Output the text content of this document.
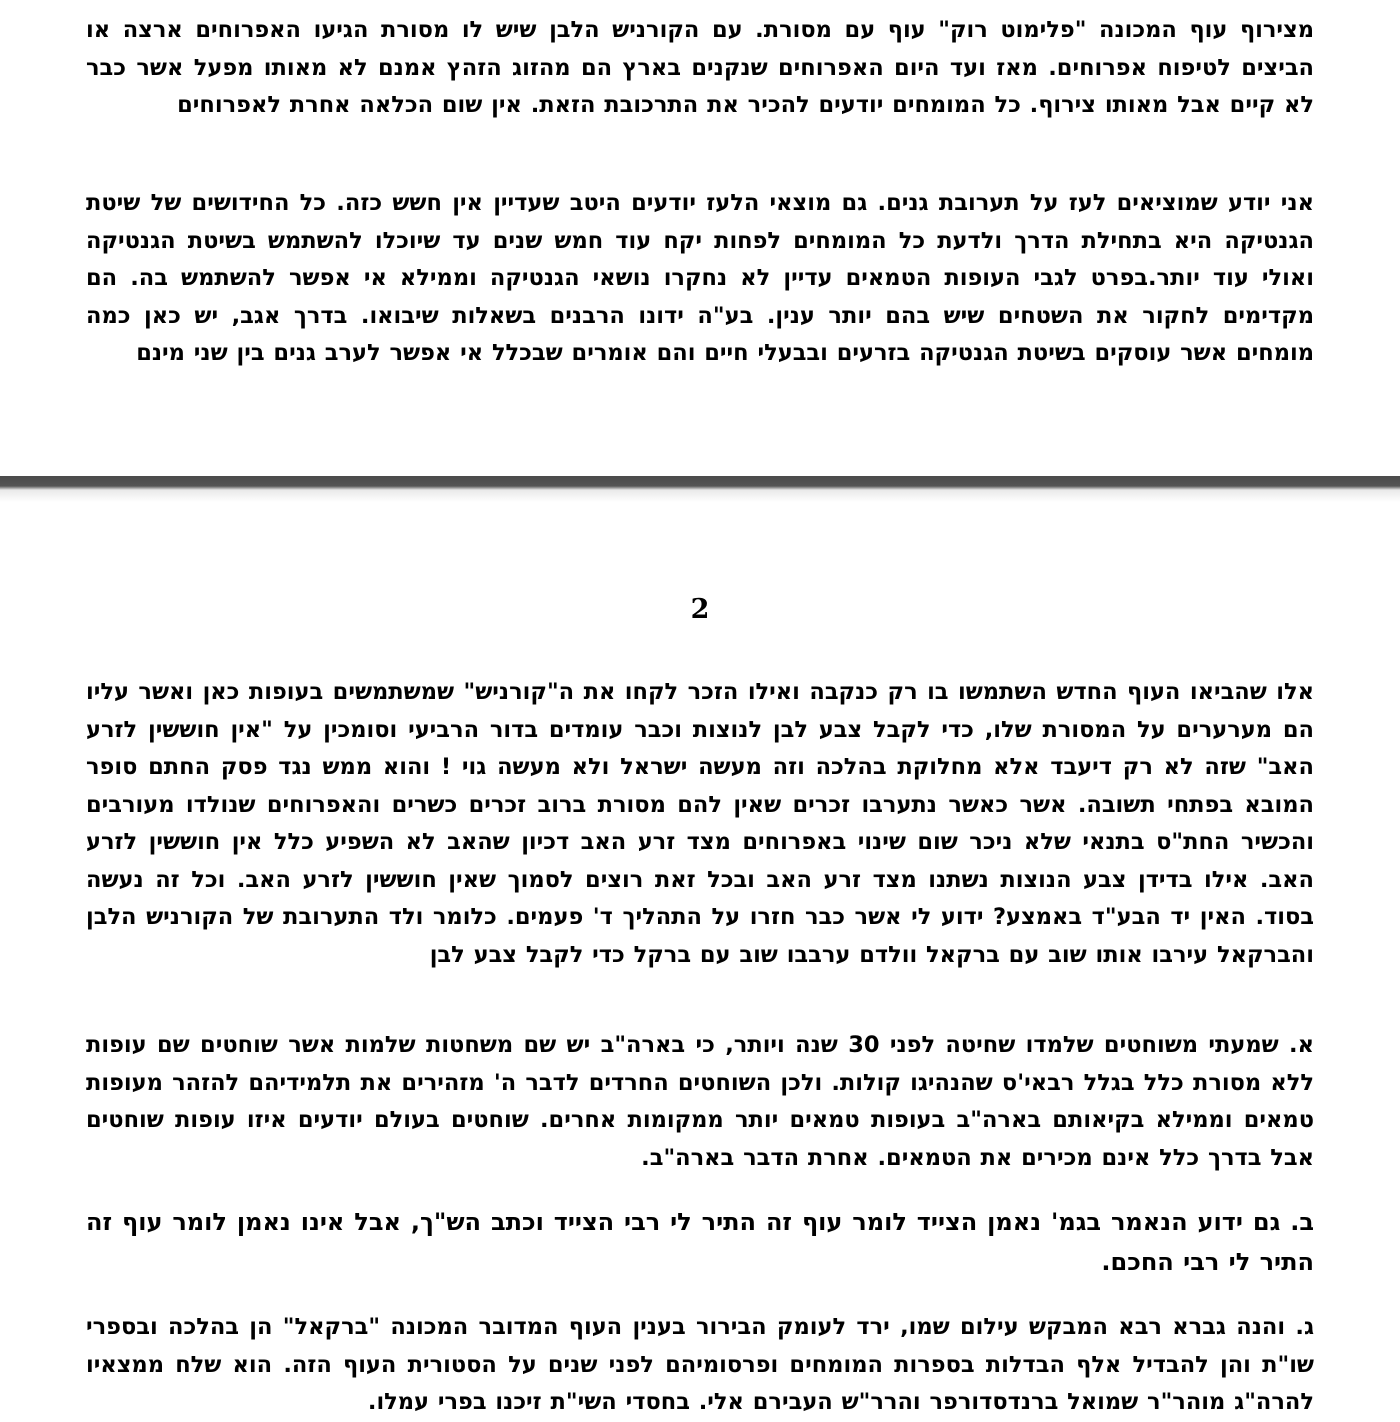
מצירוף עוף המכונה "פלימוט רוק" עוף עם מסורת. עם הקורניש הלבן שיש לו מסורת הגיעו האפרוחים ארצה או הביצים לטיפוח אפרוחים. מאז ועד היום האפרוחים שנקנים בארץ הם מהזוג הזהץ אמנם לא מאותו מפעל אשר כבר לא קיים אבל מאותו צירוף. כל המומחים יודעים להכיר את התרכובת הזאת. אין שום הכלאה אחרת לאפרוחים
אני יודע שמוציאים לעז על תערובת גנים. גם מוצאי הלעז יודעים היטב שעדיין אין חשש כזה. כל החידושים של שיטת הגנטיקה היא בתחילת הדרך ולדעת כל המומחים לפחות יקח עוד חמש שנים עד שיוכלו להשתמש בשיטת הגנטיקה ואולי עוד יותר.בפרט לגבי העופות הטמאים עדיין לא נחקרו נושאי הגנטיקה וממילא אי אפשר להשתמש בה. הם מקדימים לחקור את השטחים שיש בהם יותר ענין. בע"ה ידונו הרבנים בשאלות שיבואו. בדרך אגב, יש כאן כמה מומחים אשר עוסקים בשיטת הגנטיקה בזרעים ובבעלי חיים והם אומרים שבכלל אי אפשר לערב גנים בין שני מינם
2
אלו שהביאו העוף החדש השתמשו בו רק כנקבה ואילו הזכר לקחו את ה"קורניש" שמשתמשים בעופות כאן ואשר עליו הם מערערים על המסורת שלו, כדי לקבל צבע לבן לנוצות וכבר עומדים בדור הרביעי וסומכין על "אין חוששין לזרע האב" שזה לא רק דיעבד אלא מחלוקת בהלכה וזה מעשה ישראל ולא מעשה גוי ! והוא ממש נגד פסק החתם סופר המובא בפתחי תשובה. אשר כאשר נתערבו זכרים שאין להם מסורת ברוב זכרים כשרים והאפרוחים שנולדו מעורבים והכשיר החת"ס בתנאי שלא ניכר שום שינוי באפרוחים מצד זרע האב דכיון שהאב לא השפיע כלל אין חוששין לזרע האב. אילו בדידן צבע הנוצות נשתנו מצד זרע האב ובכל זאת רוצים לסמוך שאין חוששין לזרע האב. וכל זה נעשה בסוד. האין יד הבע"ד באמצע? ידוע לי אשר כבר חזרו על התהליך ד' פעמים. כלומר ולד התערובת של הקורניש הלבן והברקאל עירבו אותו שוב עם ברקאל וולדם ערבבו שוב עם ברקל כדי לקבל צבע לבן
א. שמעתי משוחטים שלמדו שחיטה לפני 30 שנה ויותר, כי בארה"ב יש שם משחטות שלמות אשר שוחטים שם עופות ללא מסורת כלל בגלל רבאי'ס שהנהיגו קולות. ולכן השוחטים החרדים לדבר ה' מזהירים את תלמידיהם להזהר מעופות טמאים וממילא בקיאותם בארה"ב בעופות טמאים יותר ממקומות אחרים. שוחטים בעולם יודעים איזו עופות שוחטים אבל בדרך כלל אינם מכירים את הטמאים. אחרת הדבר בארה"ב.
ב. גם ידוע הנאמר בגמ' נאמן הצייד לומר עוף זה התיר לי רבי הצייד וכתב הש"ך, אבל אינו נאמן לומר עוף זה התיר לי רבי החכם.
ג. והנה גברא רבא המבקש עילום שמו, ירד לעומק הבירור בענין העוף המדובר המכונה "ברקאל" הן בהלכה ובספרי שו"ת והן להבדיל אלף הבדלות בספרות המומחים ופרסומיהם לפני שנים על הסטורית העוף הזה. הוא שלח ממצאיו להרה"ג מוהר"ר שמואל ברנדסדורפר והרר"ש העבירם אלי. בחסדי השי"ת זיכנו בפרי עמלו.
